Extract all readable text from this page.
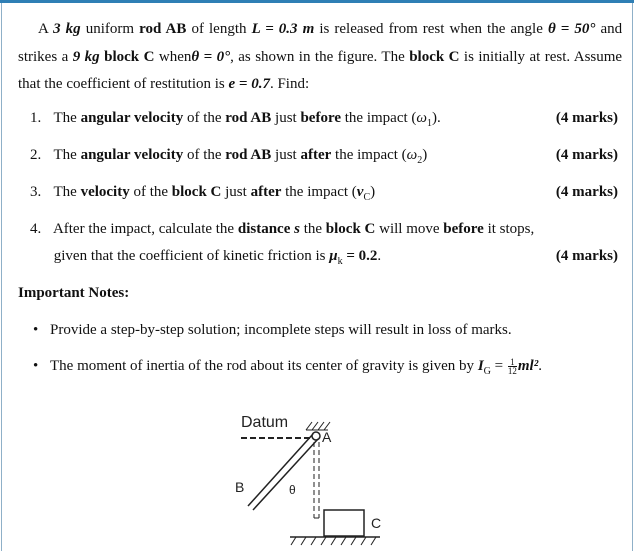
A 3 kg uniform rod AB of length L = 0.3 m is released from rest when the angle θ = 50° and strikes a 9 kg block C whenθ = 0°, as shown in the figure. The block C is initially at rest. Assume that the coefficient of restitution is e = 0.7. Find:

1. The angular velocity of the rod AB just before the impact $(\omega_1)$.	(4 marks)
2. The angular velocity of the rod AB just after the impact $(\omega_2)$	(4 marks)
3. The velocity of the block C just after the impact $(v_C)$	(4 marks)
4. After the impact, calculate the distance s the block C will move before it stops,
given that the coefficient of kinetic friction is $\mu_k = 0.2$.	(4 marks)
Important Notes:
• Provide a step-by-step solution; incomplete steps will result in loss of marks.
• The moment of inertia of the rod about its center of gravity is given by $I_G = \frac{1}{12} ml^2$.
Datum
A
B	θ
C
